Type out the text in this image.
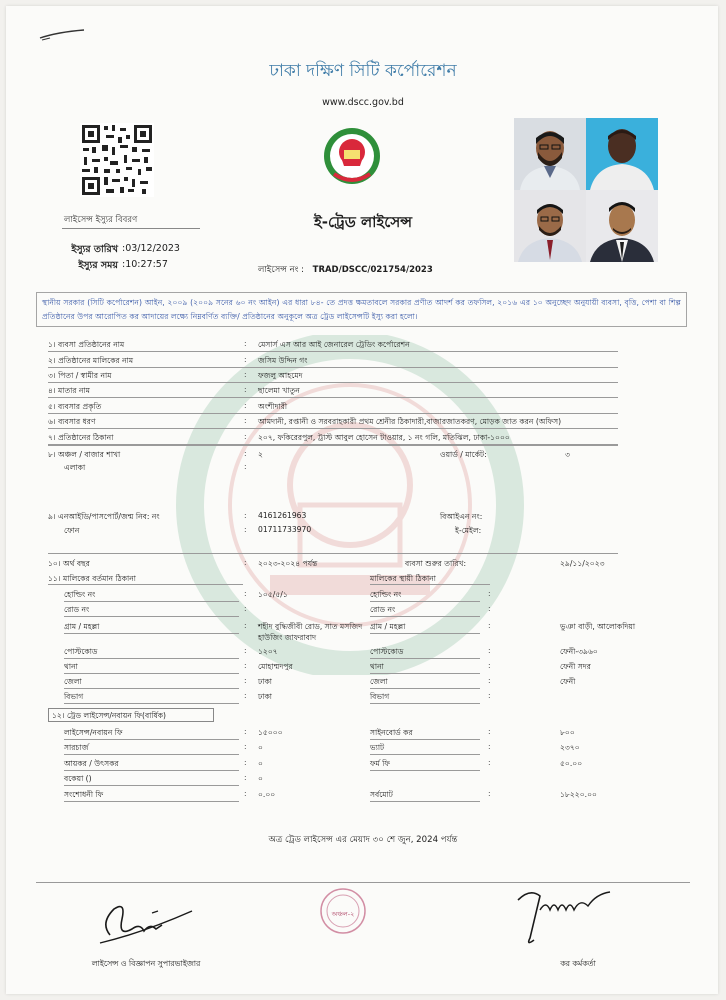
ঢাকা দক্ষিণ সিটি কর্পোরেশন
www.dscc.gov.bd
লাইসেন্স ইস্যুর বিবরণ
ইস্যুর তারিখ :03/12/2023
ইস্যুর সময় :10:27:57
ই-ট্রেড লাইসেন্স
লাইসেন্স নং : TRAD/DSCC/021754/2023
স্থানীয় সরকার (সিটি কর্পোরেশন) আইন, ২০০৯ (২০০৯ সনের ৬০ নং আইন) এর ধারা ৮৪- তে প্রদত্ত ক্ষমতাবলে সরকার প্রণীত আদর্শ কর তফসিল, ২০১৬ এর ১০ অনুচ্ছেদ অনুযায়ী ব্যবসা, বৃত্তি, পেশা বা শিল্প প্রতিষ্ঠানের উপর আরোপিত কর আদায়ের লক্ষ্যে নিম্নবর্ণিত ব্যক্তি/ প্রতিষ্ঠানের অনুকূলে অত্র ট্রেড লাইসেন্সটি ইস্যু করা হলো।
১। ব্যবসা প্রতিষ্ঠানের নাম	: মেসার্স এস আর আই জেনারেল ট্রেডিং কর্পোরেশন
২। প্রতিষ্ঠানের মালিকের নাম	: জসিম উদ্দিন গং
৩। পিতা / স্বামীর নাম	: ফজলু আহমেদ
৪। মাতার নাম	: ছালেমা খাতুন
৫। ব্যবসার প্রকৃতি	: অংশীদারী
৬। ব্যবসার ধরণ	: আমদানী, রপ্তানী ও সরবরাহকারী প্রথম শ্রেনীর ঠিকাদারী,বাজারজাতকরণ, মোড়ক জাত করন (অফিস)
৭। প্রতিষ্ঠানের ঠিকানা	: ২০৭, ফকিরেরপুল, ট্রাস্ট আবুল হোসেন টাওয়ার, ১ নং গলি, মতিঝিল, ঢাকা-১০০০
৮। অঞ্চল / বাজার শাখা	: ২	ওয়ার্ড / মার্কেট:	৩
এলাকা	:
৯। এনআইডি/পাসপোর্ট/জন্ম নিব: নং	: 4161261963	বিআইএন নং:
ফোন	: 01711733970	ই-মেইল:
১০। অর্থ বছর	: ২০২৩-২০২৪ পর্যন্ত	ব্যবসা শুরুর তারিখ:	২৯/১১/২০২৩
১১। মালিকের বর্তমান ঠিকানা	মালিকের স্থায়ী ঠিকানা
হোল্ডিং নং	: ১০৫/৫/১	হোল্ডিং নং	:
রোড নং	:	রোড নং	:
গ্রাম / মহল্লা	: শহীদ বুদ্ধিজীবী রোড, সাত মসজিদ হাউজিং জাফরাবাদ
গ্রাম / মহল্লা	:	ভুঞা বাড়ী, আলোকদিয়া
পোস্টকোড	: ১২০৭	পোস্টকোড	:	ফেনী-৩৯৬০
থানা	: মোহাম্মদপুর	থানা	:	ফেনী সদর
জেলা	: ঢাকা	জেলা	:	ফেনী
বিভাগ	: ঢাকা	বিভাগ	:
১২। ট্রেড লাইসেন্স/নবায়ন ফি(বার্ষিক)
লাইসেন্স/নবায়ন ফি	: ১৫০০০	সাইনবোর্ড কর	:	৮০০
সারচার্জ	: ০	ভ্যাট	:	২৩৭০
আয়কর / উৎসকর	: ০	ফর্ম ফি	:	৫০.০০
বকেয়া ()	: ০
সংশোধনী ফি	: ০.০০	সর্বমোট	:	১৮২২০.০০
অত্র ট্রেড লাইসেন্স এর মেয়াদ ৩০ শে জুন, 2024 পর্যন্ত
অঞ্চল-২
লাইসেন্স ও বিজ্ঞাপন সুপারভাইজার	কর কর্মকর্তা
